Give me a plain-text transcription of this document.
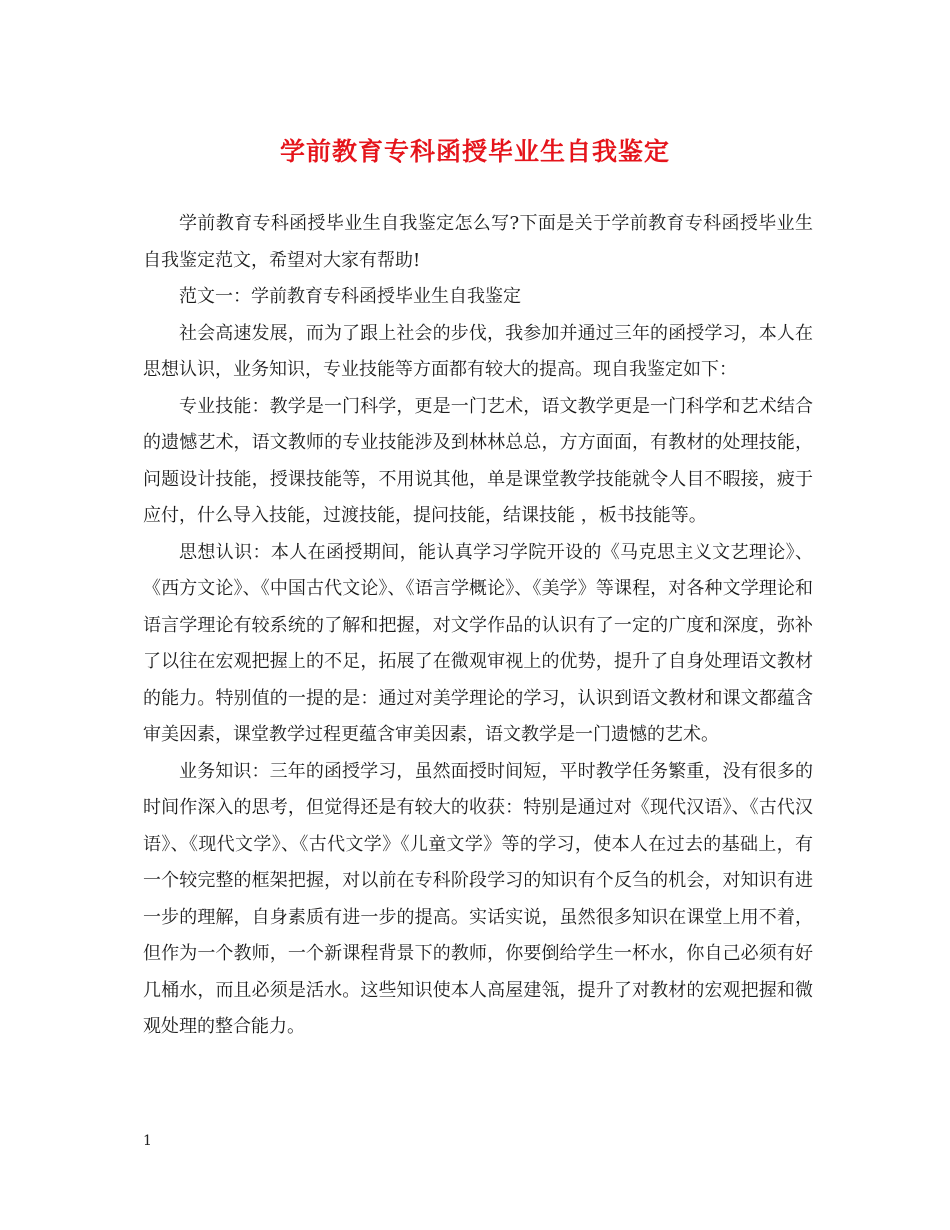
学前教育专科函授毕业生自我鉴定

学前教育专科函授毕业生自我鉴定怎么写?下面是关于学前教育专科函授毕业生自我鉴定范文，希望对大家有帮助!

范文一：学前教育专科函授毕业生自我鉴定

社会高速发展，而为了跟上社会的步伐，我参加并通过三年的函授学习，本人在思想认识，业务知识，专业技能等方面都有较大的提高。现自我鉴定如下：

专业技能：教学是一门科学，更是一门艺术，语文教学更是一门科学和艺术结合的遗憾艺术，语文教师的专业技能涉及到林林总总，方方面面，有教材的处理技能，问题设计技能，授课技能等，不用说其他，单是课堂教学技能就令人目不暇接，疲于应付，什么导入技能，过渡技能，提问技能，结课技能 ，板书技能等。

思想认识：本人在函授期间，能认真学习学院开设的《马克思主义文艺理论》、《西方文论》、《中国古代文论》、《语言学概论》、《美学》等课程，对各种文学理论和语言学理论有较系统的了解和把握，对文学作品的认识有了一定的广度和深度，弥补了以往在宏观把握上的不足，拓展了在微观审视上的优势，提升了自身处理语文教材的能力。特别值的一提的是：通过对美学理论的学习，认识到语文教材和课文都蕴含审美因素，课堂教学过程更蕴含审美因素，语文教学是一门遗憾的艺术。

业务知识：三年的函授学习，虽然面授时间短，平时教学任务繁重，没有很多的时间作深入的思考，但觉得还是有较大的收获：特别是通过对《现代汉语》、《古代汉语》、《现代文学》、《古代文学》《儿童文学》等的学习，使本人在过去的基础上，有一个较完整的框架把握，对以前在专科阶段学习的知识有个反刍的机会，对知识有进一步的理解，自身素质有进一步的提高。实话实说，虽然很多知识在课堂上用不着，但作为一个教师，一个新课程背景下的教师，你要倒给学生一杯水，你自己必须有好几桶水，而且必须是活水。这些知识使本人高屋建瓴，提升了对教材的宏观把握和微观处理的整合能力。

1
